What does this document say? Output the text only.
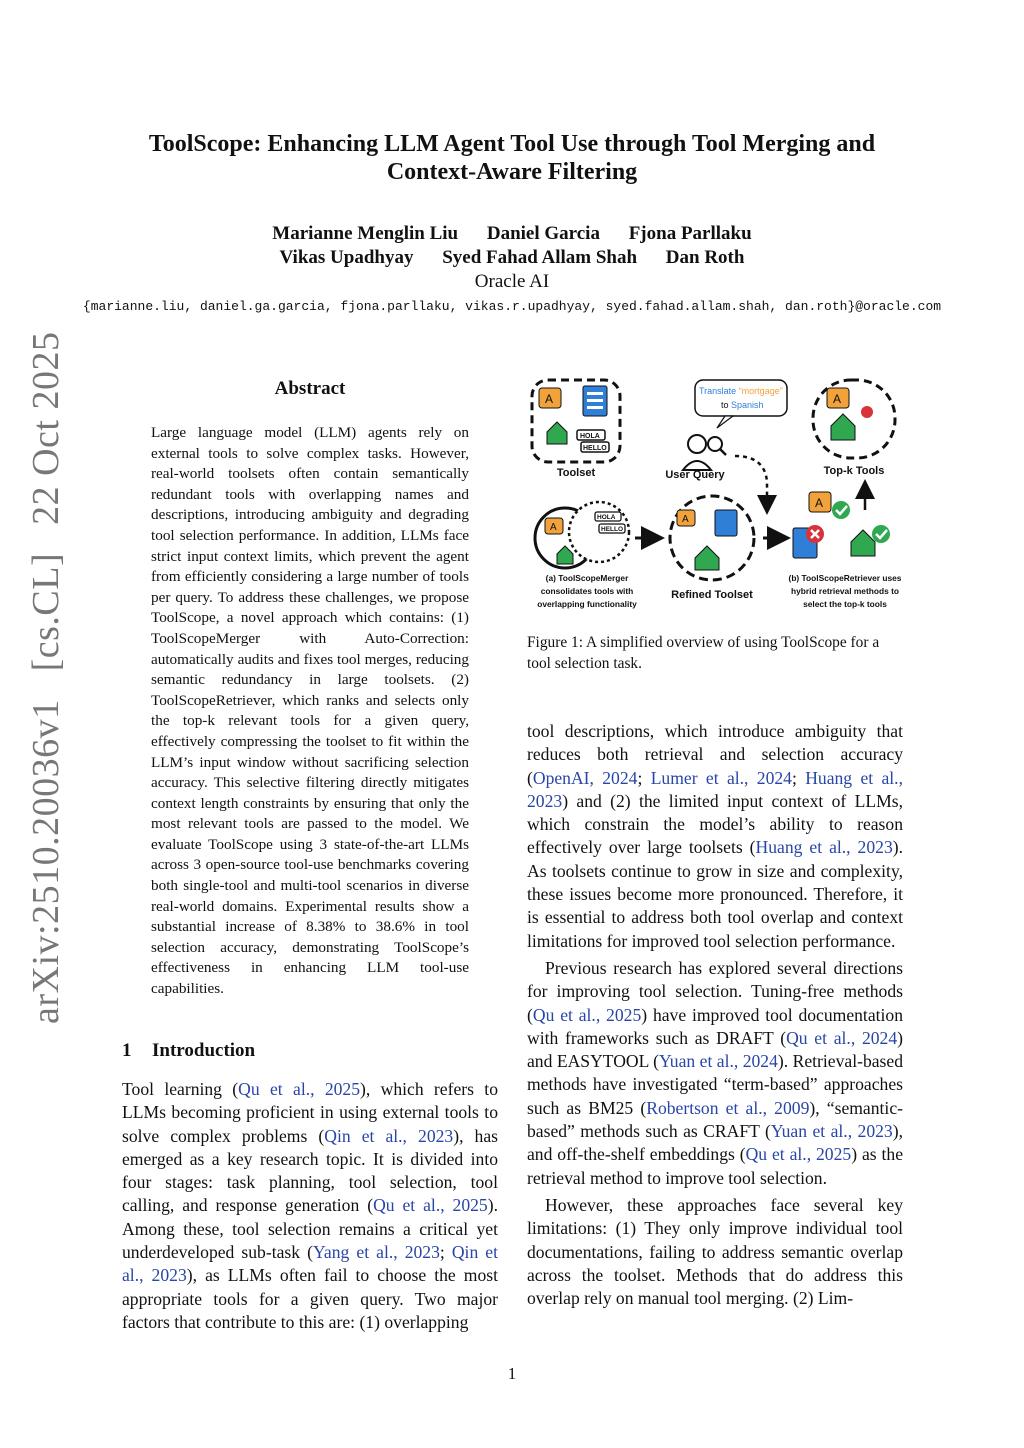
ToolScope: Enhancing LLM Agent Tool Use through Tool Merging and
Context-Aware Filtering
Marianne Menglin Liu Daniel Garcia Fjona Parllaku
Vikas Upadhyay Syed Fahad Allam Shah Dan Roth
Oracle AI
{marianne.liu, daniel.ga.garcia, fjona.parllaku, vikas.r.upadhyay, syed.fahad.allam.shah, dan.roth}@oracle.com
arXiv:2510.20036v1 [cs.CL] 22 Oct 2025	Abstract
Large language model (LLM) agents rely on external tools to solve complex tasks. However, real-world toolsets often contain semantically redundant tools with overlapping names and descriptions, introducing ambiguity and degrading tool selection performance. In addition, LLMs face strict input context limits, which prevent the agent from efficiently considering a large number of tools per query. To address these challenges, we propose ToolScope, a novel approach which contains: (1) ToolScopeMerger with Auto-Correction: automatically audits and fixes tool merges, reducing semantic redundancy in large toolsets. (2) ToolScopeRetriever, which ranks and selects only the top-k relevant tools for a given query, effectively compressing the toolset to fit within the LLM’s input window without sacrificing selection accuracy. This selective filtering directly mitigates context length constraints by ensuring that only the most relevant tools are passed to the model. We evaluate ToolScope using 3 state-of-the-art LLMs across 3 open-source tool-use benchmarks covering both single-tool and multi-tool scenarios in diverse real-world domains. Experimental results show a substantial increase of 8.38% to 38.6% in tool selection accuracy, demonstrating ToolScope’s effectiveness in enhancing LLM tool-use capabilities.
1 Introduction

Tool learning (Qu et al., 2025), which refers to LLMs becoming proficient in using external tools to solve complex problems (Qin et al., 2023), has emerged as a key research topic. It is divided into four stages: task planning, tool selection, tool calling, and response generation (Qu et al., 2025). Among these, tool selection remains a critical yet underdeveloped sub-task (Yang et al., 2023; Qin et al., 2023), as LLMs often fail to choose the most appropriate tools for a given query. Two major factors that contribute to this are: (1) overlapping

tool descriptions, which introduce ambiguity that reduces both retrieval and selection accuracy (OpenAI, 2024; Lumer et al., 2024; Huang et al., 2023) and (2) the limited input context of LLMs, which constrain the model’s ability to reason effectively over large toolsets (Huang et al., 2023). As toolsets continue to grow in size and complexity, these issues become more pronounced. Therefore, it is essential to address both tool overlap and context limitations for improved tool selection performance.

Previous research has explored several directions for improving tool selection. Tuning-free methods (Qu et al., 2025) have improved tool documentation with frameworks such as DRAFT (Qu et al., 2024) and EASYTOOL (Yuan et al., 2024). Retrieval-based methods have investigated “term-based” approaches such as BM25 (Robertson et al., 2009), “semantic-based” methods such as CRAFT (Yuan et al., 2023), and off-the-shelf embeddings (Qu et al., 2025) as the retrieval method to improve tool selection.

However, these approaches face several key limitations: (1) They only improve individual tool documentations, failing to address semantic overlap across the toolset. Methods that do address this overlap rely on manual tool merging. (2) Lim-

A
HOLA
HELLO
Toolset
Translate “mortgage”
to Spanish
User Query
A
Top-k Tools
A
HOLA
HELLO
A
Refined Toolset
A
(a) ToolScopeMerger
consolidates tools with
overlapping functionality
(b) ToolScopeRetriever uses
hybrid retrieval methods to
select the top-k tools
Figure 1: A simplified overview of using ToolScope for a tool selection task.
1
